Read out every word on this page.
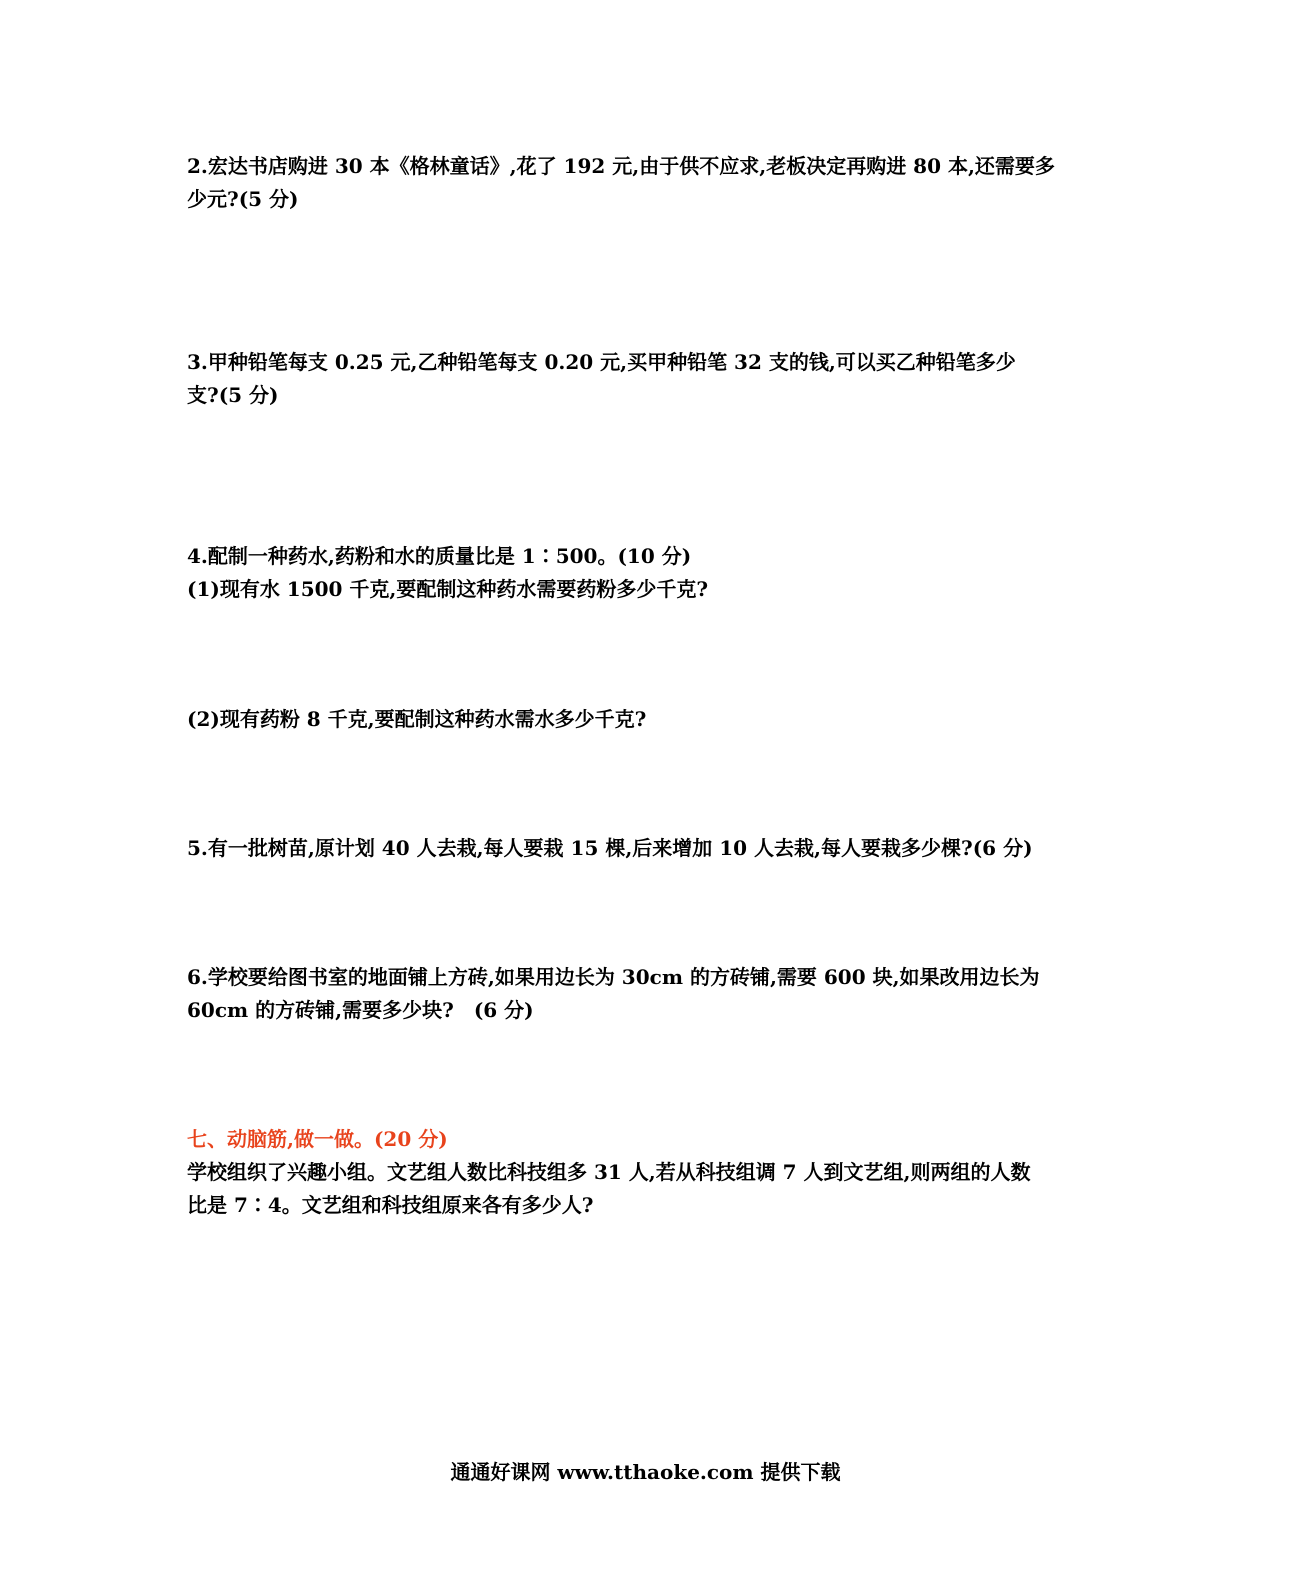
2.宏达书店购进 30 本《格林童话》,花了 192 元,由于供不应求,老板决定再购进 80 本,还需要多

少元?(5 分)

3.甲种铅笔每支 0.25 元,乙种铅笔每支 0.20 元,买甲种铅笔 32 支的钱,可以买乙种铅笔多少

支?(5 分)

4.配制一种药水,药粉和水的质量比是 1∶500。(10 分)

(1)现有水 1500 千克,要配制这种药水需要药粉多少千克?

(2)现有药粉 8 千克,要配制这种药水需水多少千克?

5.有一批树苗,原计划 40 人去栽,每人要栽 15 棵,后来增加 10 人去栽,每人要栽多少棵?(6 分)

6.学校要给图书室的地面铺上方砖,如果用边长为 30cm 的方砖铺,需要 600 块,如果改用边长为

60cm 的方砖铺,需要多少块?　(6 分)

七、动脑筋,做一做。(20 分)

学校组织了兴趣小组。文艺组人数比科技组多 31 人,若从科技组调 7 人到文艺组,则两组的人数

比是 7∶4。文艺组和科技组原来各有多少人?

通通好课网 www.tthaoke.com 提供下载
